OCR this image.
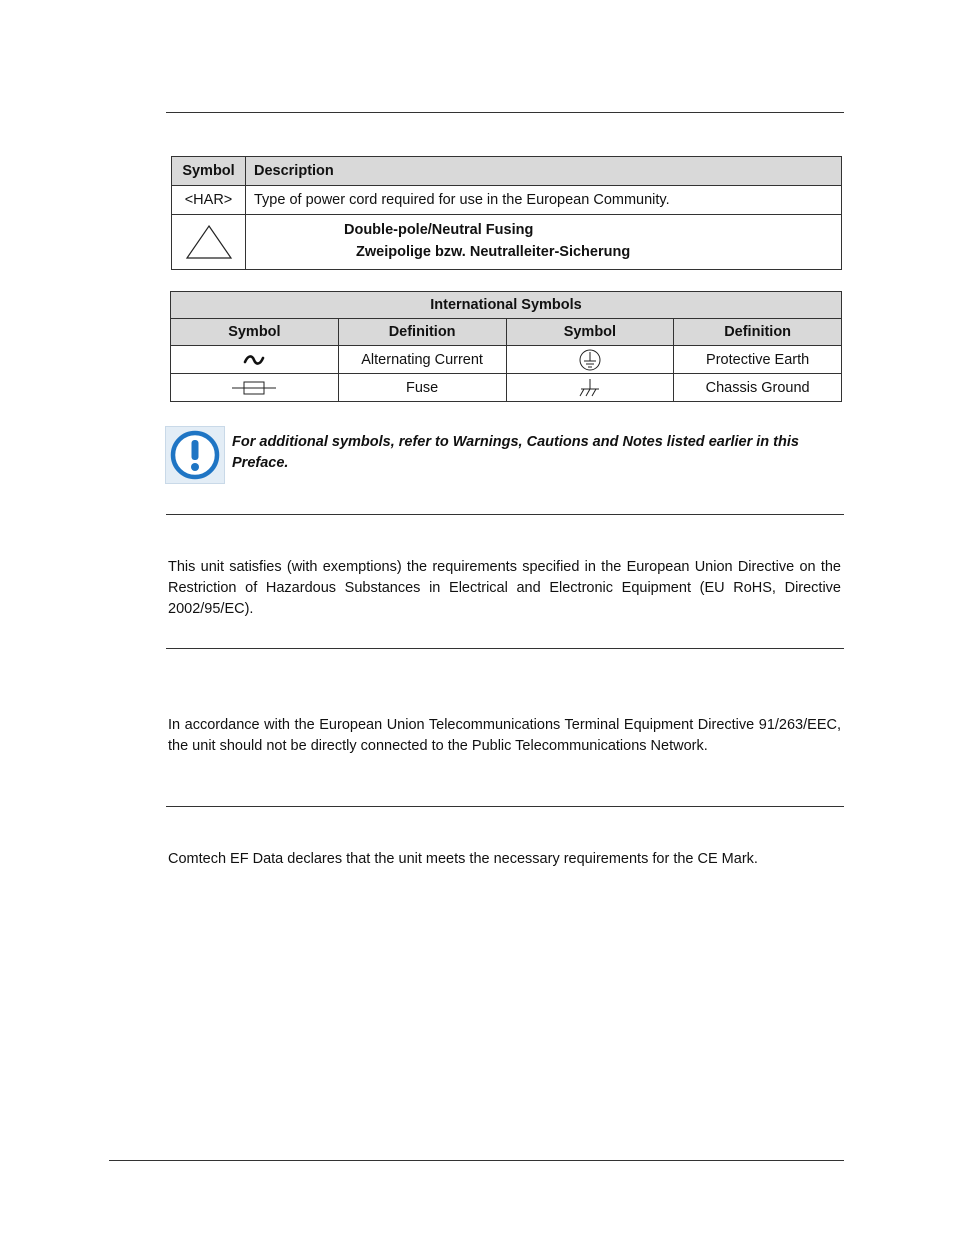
Symbol	Description
<HAR>	Type of power cord required for use in the European Community.

Double-pole/Neutral Fusing
Zweipolige bzw. Neutralleiter-Sicherung
International Symbols			
Symbol	Definition	Symbol	Definition

	Alternating Current		Protective Earth

	Fuse		Chassis Ground
For additional symbols, refer to Warnings, Cautions and Notes listed earlier in this Preface.

This unit satisfies (with exemptions) the requirements specified in the European Union Directive on the Restriction of Hazardous Substances in Electrical and Electronic Equipment (EU RoHS, Directive 2002/95/EC).

In accordance with the European Union Telecommunications Terminal Equipment Directive 91/263/EEC, the unit should not be directly connected to the Public Telecommunications Network.

Comtech EF Data declares that the unit meets the necessary requirements for the CE Mark.
